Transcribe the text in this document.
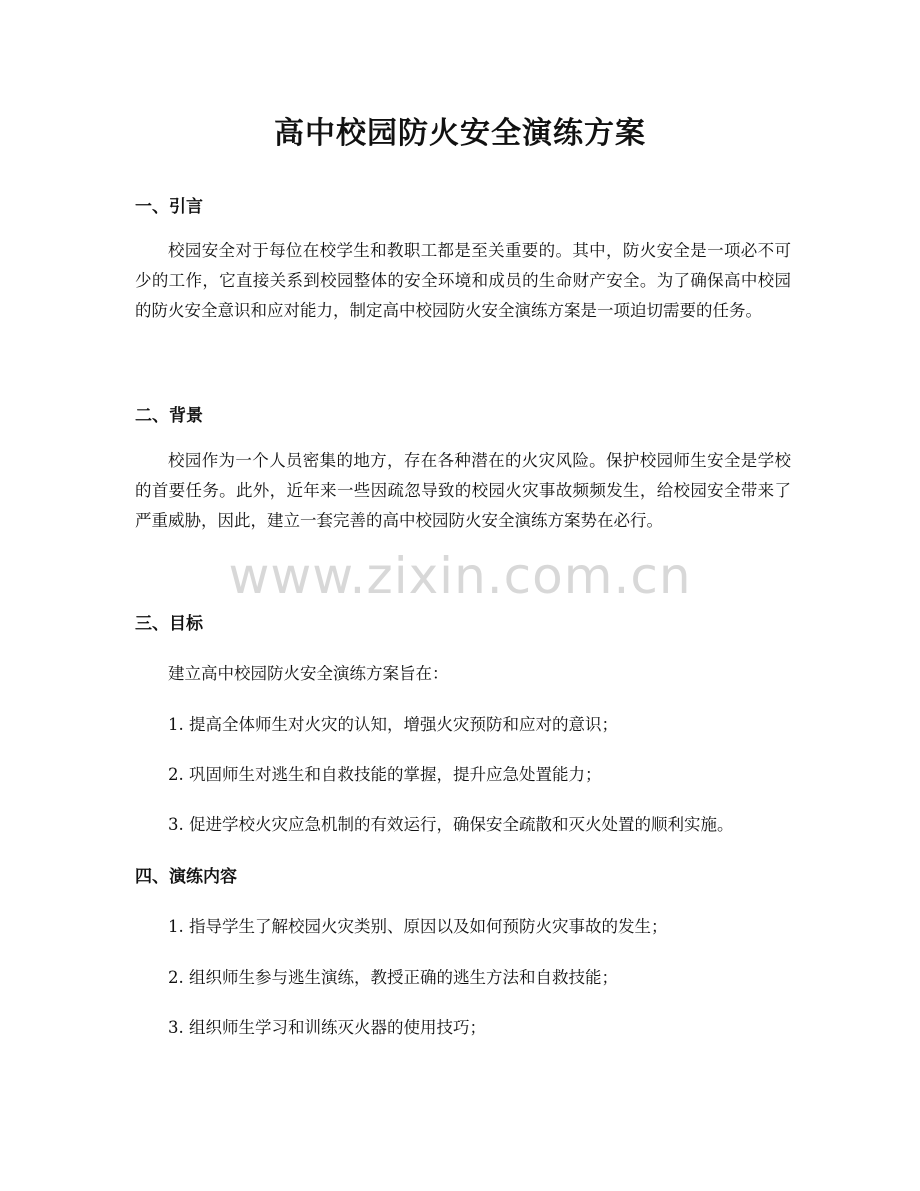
高中校园防火安全演练方案
一、引言

校园安全对于每位在校学生和教职工都是至关重要的。其中，防火安全是一项必不可少的工作，它直接关系到校园整体的安全环境和成员的生命财产安全。为了确保高中校园的防火安全意识和应对能力，制定高中校园防火安全演练方案是一项迫切需要的任务。

二、背景

校园作为一个人员密集的地方，存在各种潜在的火灾风险。保护校园师生安全是学校的首要任务。此外，近年来一些因疏忽导致的校园火灾事故频频发生，给校园安全带来了严重威胁，因此，建立一套完善的高中校园防火安全演练方案势在必行。

三、目标

建立高中校园防火安全演练方案旨在：

1. 提高全体师生对火灾的认知，增强火灾预防和应对的意识；

2. 巩固师生对逃生和自救技能的掌握，提升应急处置能力；

3. 促进学校火灾应急机制的有效运行，确保安全疏散和灭火处置的顺利实施。

四、演练内容

1. 指导学生了解校园火灾类别、原因以及如何预防火灾事故的发生；

2. 组织师生参与逃生演练，教授正确的逃生方法和自救技能；

3. 组织师生学习和训练灭火器的使用技巧；

www.zixin.com.cn
